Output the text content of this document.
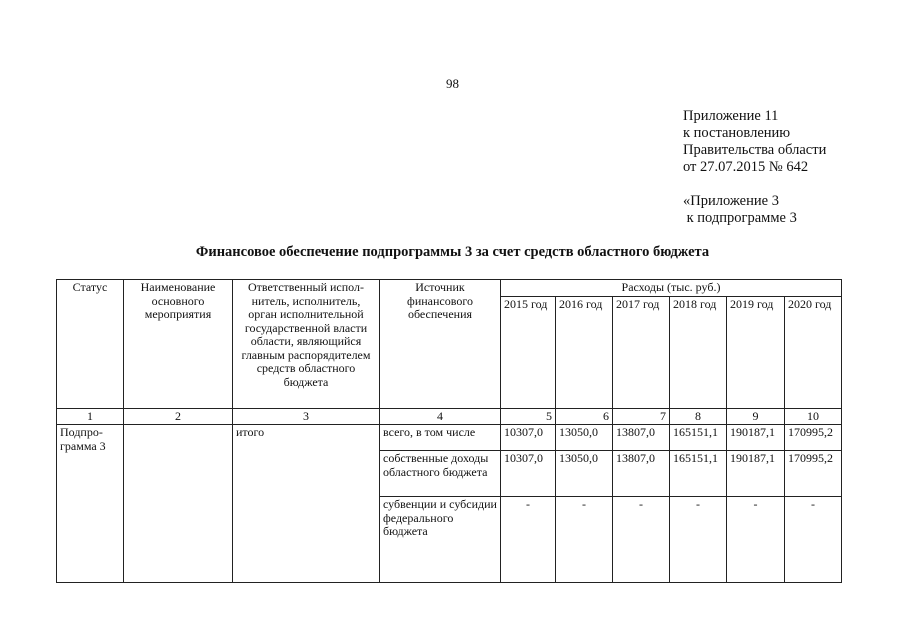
98
Приложение 11
к постановлению
Правительства области
от 27.07.2015 № 642
«Приложение 3
к подпрограмме 3
Финансовое обеспечение подпрограммы 3 за счет средств областного бюджета
Статус	Наименование основного мероприятия	Ответственный испол-нитель, исполнитель, орган исполнительной государственной власти области, являющийся главным распорядителем средств областного бюджета	Источник финансового обеспечения	Расходы (тыс. руб.)					
				2015 год	2016 год	2017 год	2018 год	2019 год	2020 год
1	2	3	4	5	6	7	8	9	10
Подпро-грамма 3		итого	всего, в том числе	10307,0	13050,0	13807,0	165151,1	190187,1	170995,2
			собственные доходы областного бюджета	10307,0	13050,0	13807,0	165151,1	190187,1	170995,2
			субвенции и субсидии федерального бюджета	-	-	-	-	-	-
